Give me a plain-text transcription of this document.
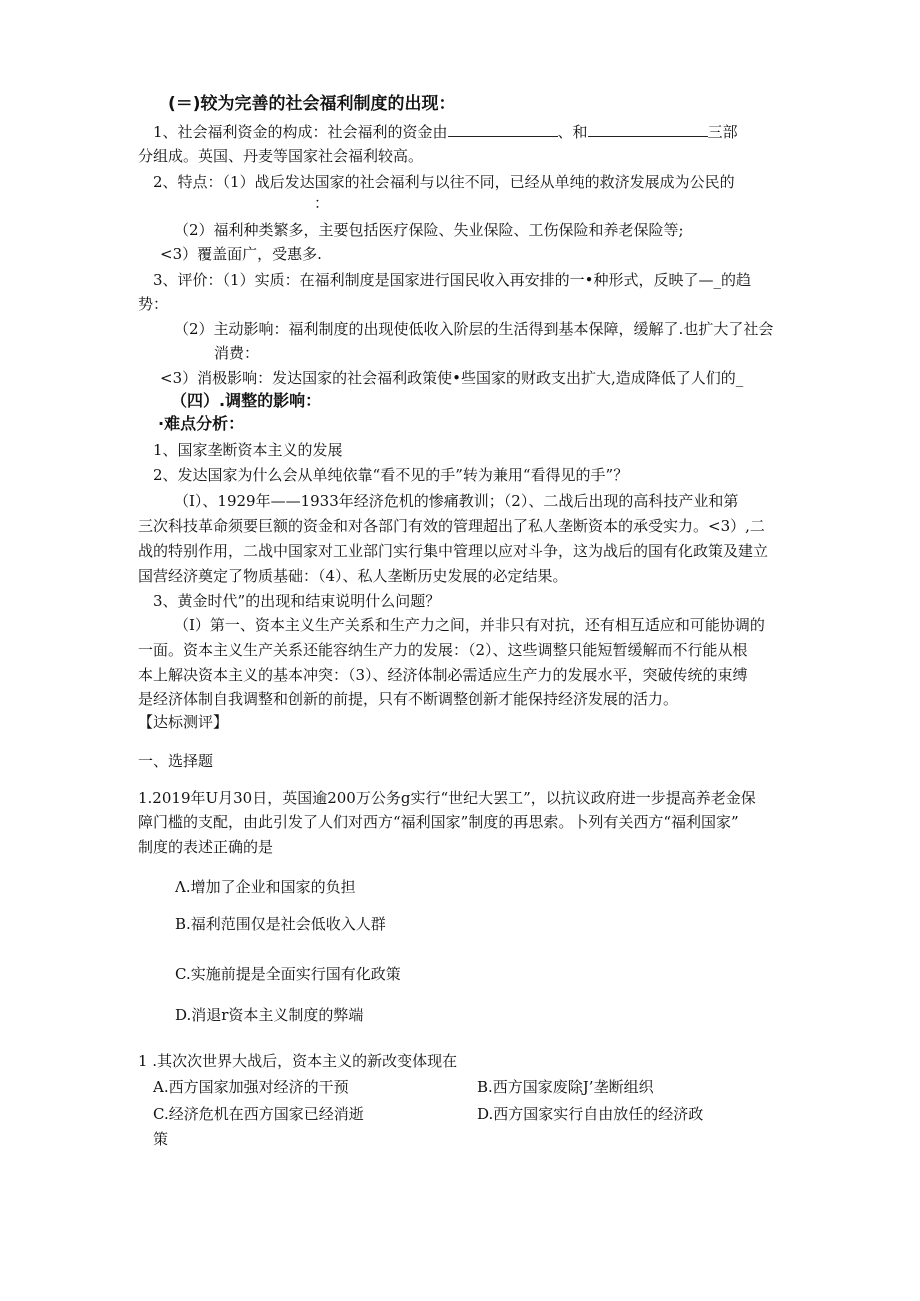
(＝)较为完善的社会福利制度的出现：
1、社会福利资金的构成：社会福利的资金由	、和	三部
分组成。英国、丹麦等国家社会福利较高。
2、特点：（1）战后发达国家的社会福利与以往不同，已经从单纯的救济发展成为公民的
：
（2）福利种类繁多，主要包括医疗保险、失业保险、工伤保险和养老保险等;
<3）覆盖面广，受惠多.
3、评价：（1）实质：在福利制度是国家进行国民收入再安排的一•种形式，反映了—_的趋
势：
（2）主动影响：福利制度的出现使低收入阶层的生活得到基本保障，缓解了.也扩大了社会
消费：
<3）消极影响：发达国家的社会福利政策使•些国家的财政支出扩大,造成降低了人们的_
（四）.调整的影响：
·难点分析：
1、国家垄断资本主义的发展
2、发达国家为什么会从单纯依靠“看不见的手”转为兼用“看得见的手”？
（I）、1929年——1933年经济危机的惨痛教训；（2）、二战后出现的高科技产业和第
三次科技革命须要巨额的资金和对各部门有效的管理超出了私人垄断资本的承受实力。<3）,二
战的特别作用，二战中国家对工业部门实行集中管理以应对斗争，这为战后的国有化政策及建立
国营经济奠定了物质基础：（4）、私人垄断历史发展的必定结果。
3、黄金时代”的出现和结束说明什么问题？
（I）第一、资本主义生产关系和生产力之间，并非只有对抗，还有相互适应和可能协调的
一面。资本主义生产关系还能容纳生产力的发展：（2）、这些调整只能短暂缓解而不行能从根
本上解决资本主义的基本冲突：（3）、经济体制必需适应生产力的发展水平，突破传统的束缚
是经济体制自我调整和创新的前提，只有不断调整创新才能保持经济发展的活力。
【达标测评】
一、选择题
1.2019年U月30日，英国逾200万公务g实行“世纪大罢工”，以抗议政府进一步提高养老金保
障门槛的支配，由此引发了人们对西方“福利国家”制度的再思索。卜列有关西方“福利国家”
制度的表述正确的是
Λ.增加了企业和国家的负担
B.福利范围仅是社会低收入人群
C.实施前提是全面实行国有化政策
D.消退r资本主义制度的弊端
1 .其次次世界大战后，资本主义的新改变体现在
A.西方国家加强对经济的干预	B.西方国家废除J’垄断组织
C.经济危机在西方国家已经消逝	D.西方国家实行自由放任的经济政
策
